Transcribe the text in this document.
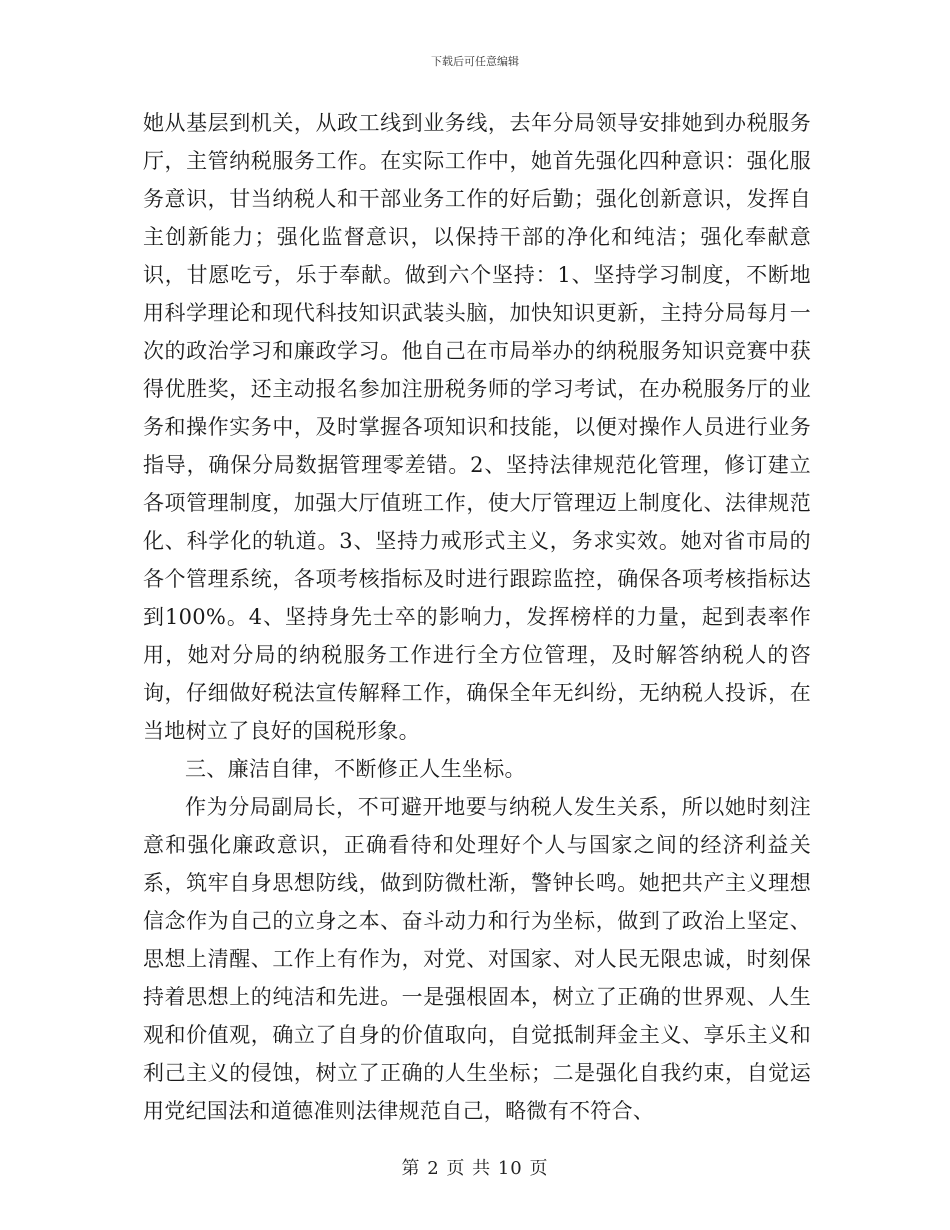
下载后可任意编辑

她从基层到机关，从政工线到业务线，去年分局领导安排她到办税服务厅，主管纳税服务工作。在实际工作中，她首先强化四种意识：强化服务意识，甘当纳税人和干部业务工作的好后勤；强化创新意识，发挥自主创新能力；强化监督意识，以保持干部的净化和纯洁；强化奉献意识，甘愿吃亏，乐于奉献。做到六个坚持：1、坚持学习制度，不断地用科学理论和现代科技知识武装头脑，加快知识更新，主持分局每月一次的政治学习和廉政学习。他自己在市局举办的纳税服务知识竞赛中获得优胜奖，还主动报名参加注册税务师的学习考试，在办税服务厅的业务和操作实务中，及时掌握各项知识和技能，以便对操作人员进行业务指导，确保分局数据管理零差错。2、坚持法律规范化管理，修订建立各项管理制度，加强大厅值班工作，使大厅管理迈上制度化、法律规范化、科学化的轨道。3、坚持力戒形式主义，务求实效。她对省市局的各个管理系统，各项考核指标及时进行跟踪监控，确保各项考核指标达到100%。4、坚持身先士卒的影响力，发挥榜样的力量，起到表率作用，她对分局的纳税服务工作进行全方位管理，及时解答纳税人的咨询，仔细做好税法宣传解释工作，确保全年无纠纷，无纳税人投诉，在当地树立了良好的国税形象。

三、廉洁自律，不断修正人生坐标。

作为分局副局长，不可避开地要与纳税人发生关系，所以她时刻注意和强化廉政意识，正确看待和处理好个人与国家之间的经济利益关系，筑牢自身思想防线，做到防微杜渐，警钟长鸣。她把共产主义理想信念作为自己的立身之本、奋斗动力和行为坐标，做到了政治上坚定、思想上清醒、工作上有作为，对党、对国家、对人民无限忠诚，时刻保持着思想上的纯洁和先进。一是强根固本，树立了正确的世界观、人生观和价值观，确立了自身的价值取向，自觉抵制拜金主义、享乐主义和利己主义的侵蚀，树立了正确的人生坐标；二是强化自我约束，自觉运用党纪国法和道德准则法律规范自己，略微有不符合、

第 2 页 共 10 页
